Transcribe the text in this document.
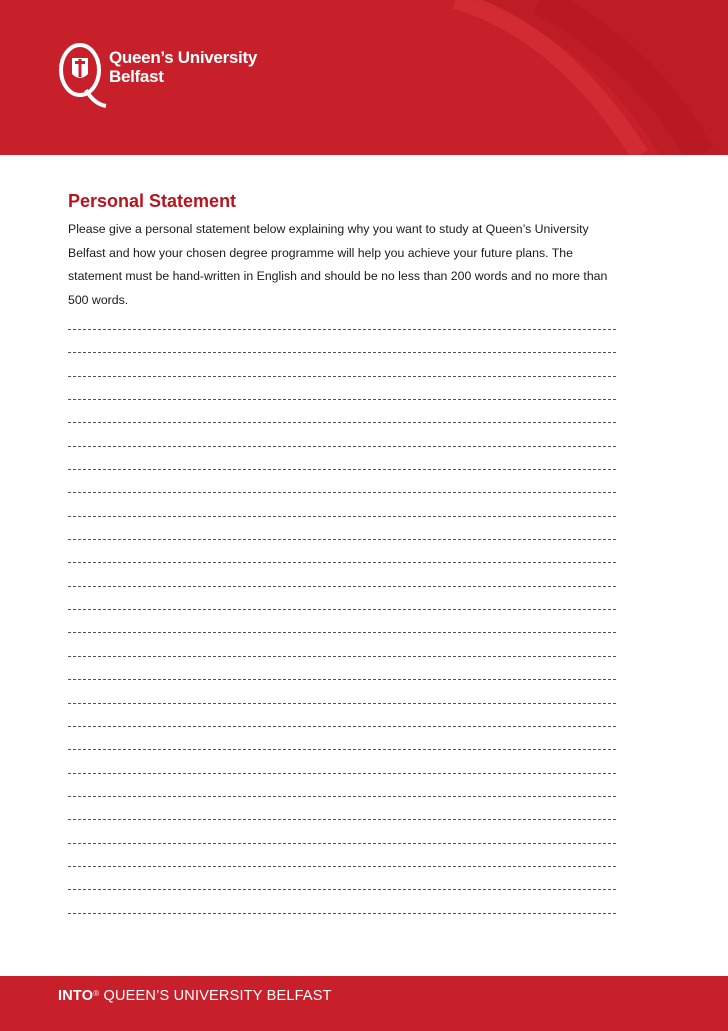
Queen’s University
Belfast
Personal Statement

Please give a personal statement below explaining why you want to study at Queen’s University Belfast and how your chosen degree programme will help you achieve your future plans. The statement must be hand-written in English and should be no less than 200 words and no more than 500 words.

INTO® QUEEN’S UNIVERSITY BELFAST
